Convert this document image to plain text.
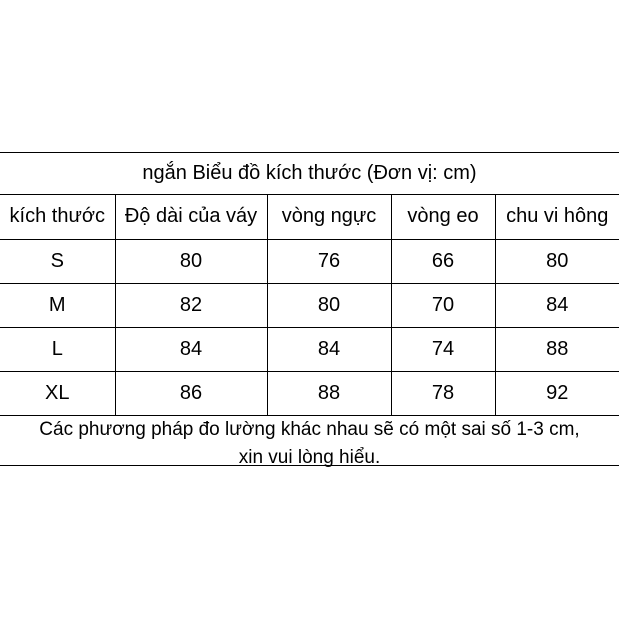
ngắn Biểu đồ kích thước (Đơn vị: cm)
kích thước	Độ dài của váy	vòng ngực	vòng eo	chu vi hông
S	80	76	66	80
M	82	80	70	84
L	84	84	74	88
XL	86	88	78	92
Các phương pháp đo lường khác nhau sẽ có một sai số 1-3 cm,
xin vui lòng hiểu.
